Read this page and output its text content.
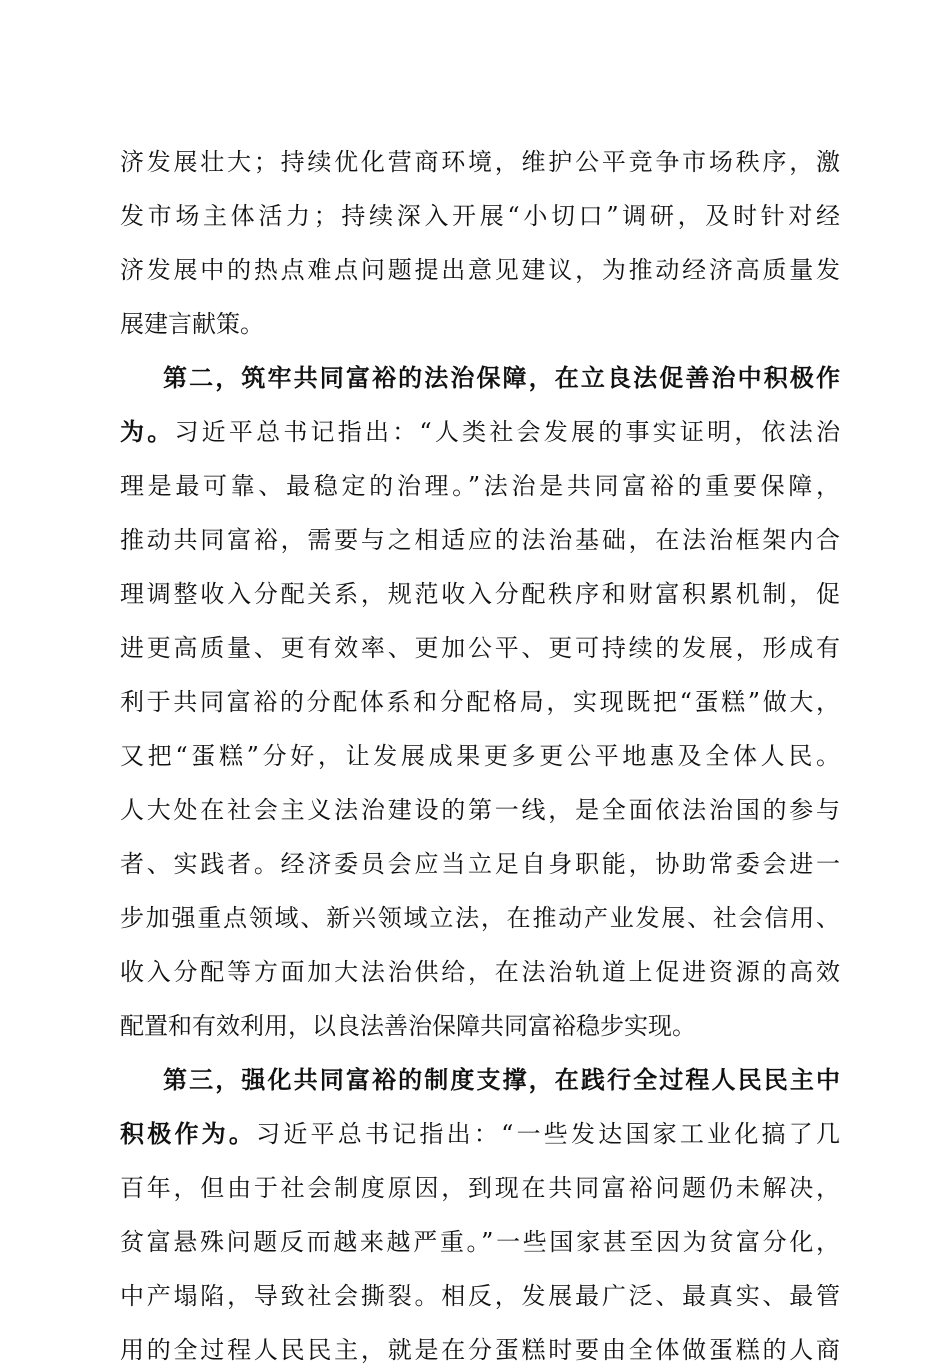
济发展壮大；持续优化营商环境，维护公平竞争市场秩序，激
发市场主体活力；持续深入开展“小切口”调研，及时针对经
济发展中的热点难点问题提出意见建议，为推动经济高质量发
展建言献策。
第二，筑牢共同富裕的法治保障，在立良法促善治中积极作
为。习近平总书记指出：“人类社会发展的事实证明，依法治
理是最可靠、最稳定的治理。”法治是共同富裕的重要保障，
推动共同富裕，需要与之相适应的法治基础，在法治框架内合
理调整收入分配关系，规范收入分配秩序和财富积累机制，促
进更高质量、更有效率、更加公平、更可持续的发展，形成有
利于共同富裕的分配体系和分配格局，实现既把“蛋糕”做大，
又把“蛋糕”分好，让发展成果更多更公平地惠及全体人民。
人大处在社会主义法治建设的第一线，是全面依法治国的参与
者、实践者。经济委员会应当立足自身职能，协助常委会进一
步加强重点领域、新兴领域立法，在推动产业发展、社会信用、
收入分配等方面加大法治供给，在法治轨道上促进资源的高效
配置和有效利用，以良法善治保障共同富裕稳步实现。
第三，强化共同富裕的制度支撑，在践行全过程人民民主中
积极作为。习近平总书记指出：“一些发达国家工业化搞了几
百年，但由于社会制度原因，到现在共同富裕问题仍未解决，
贫富悬殊问题反而越来越严重。”一些国家甚至因为贫富分化，
中产塌陷，导致社会撕裂。相反，发展最广泛、最真实、最管
用的全过程人民民主，就是在分蛋糕时要由全体做蛋糕的人商
